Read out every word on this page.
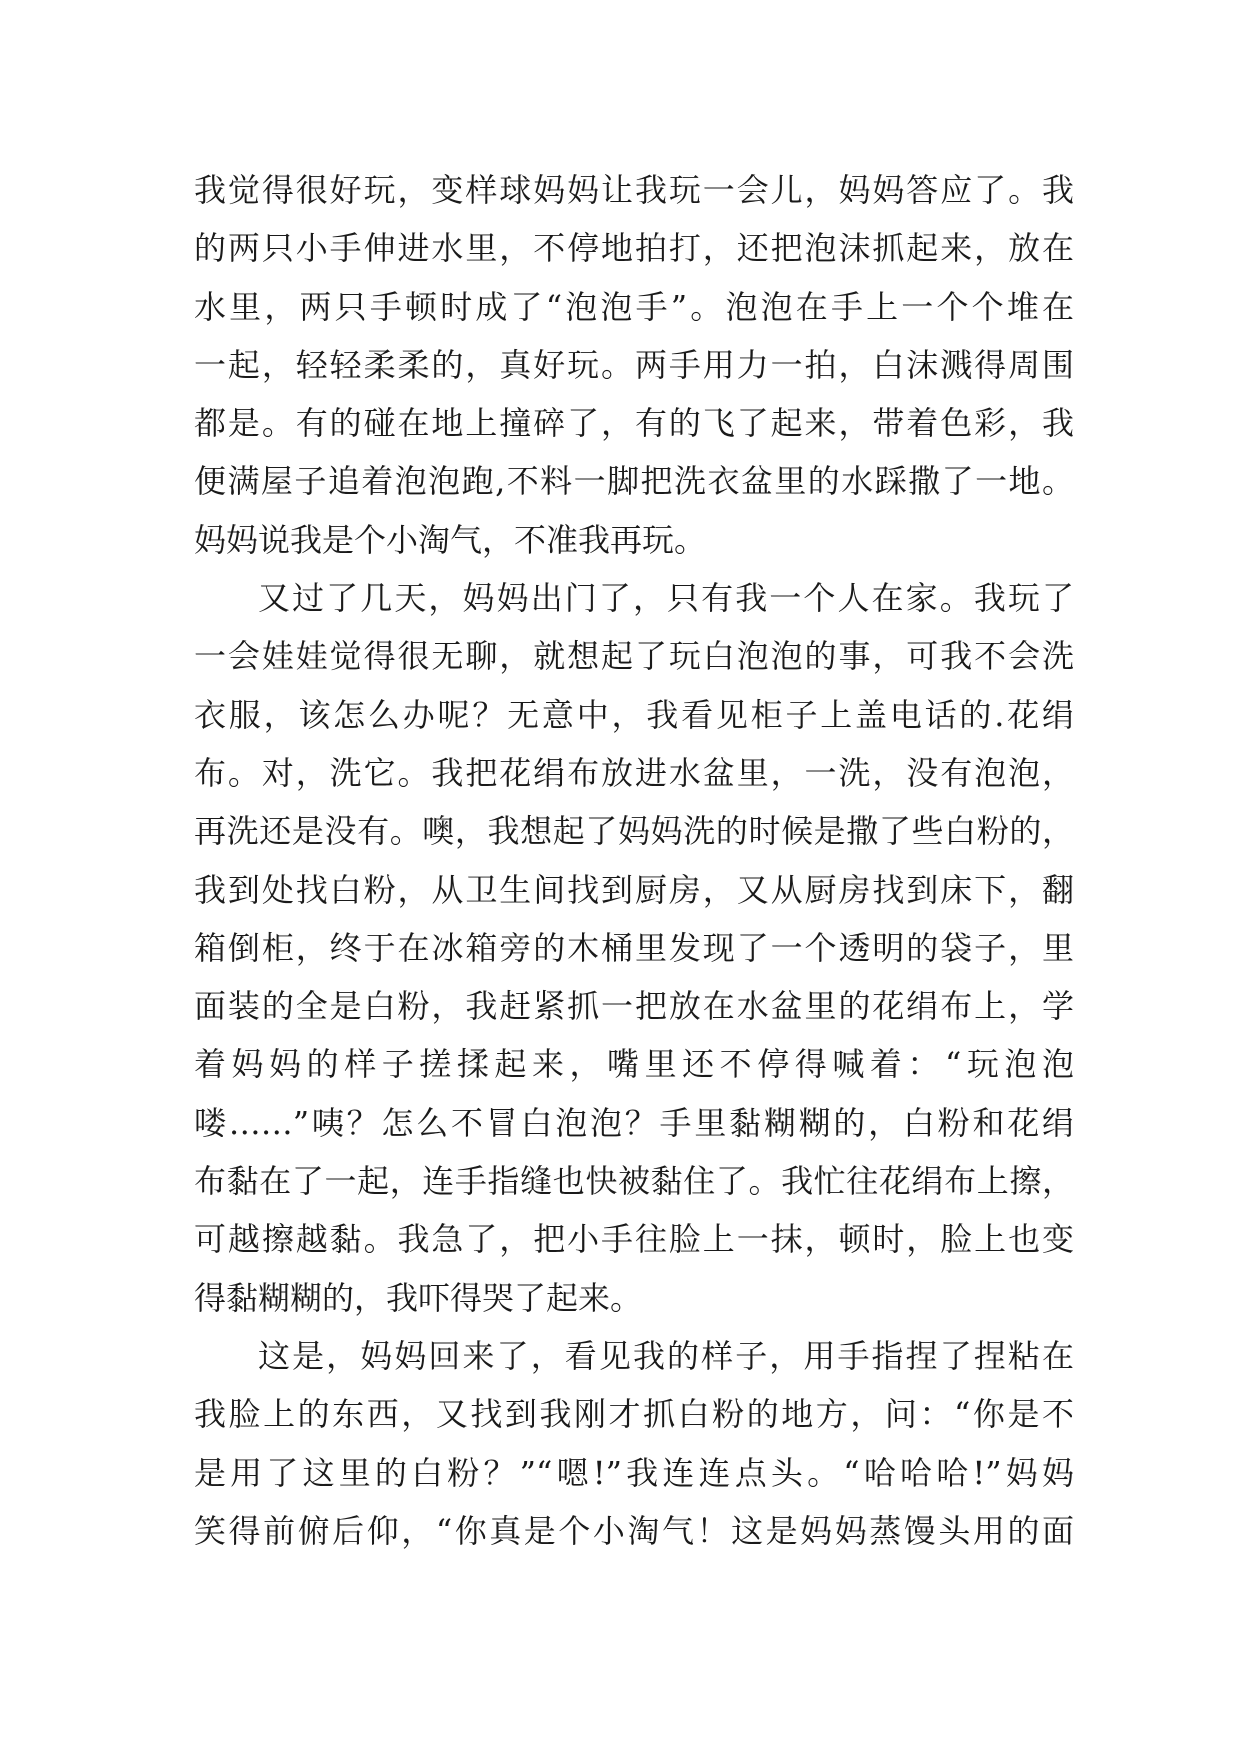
我觉得很好玩，变样球妈妈让我玩一会儿，妈妈答应了。我
的两只小手伸进水里，不停地拍打，还把泡沫抓起来，放在
水里，两只手顿时成了“泡泡手”。泡泡在手上一个个堆在
一起，轻轻柔柔的，真好玩。两手用力一拍，白沫溅得周围
都是。有的碰在地上撞碎了，有的飞了起来，带着色彩，我
便满屋子追着泡泡跑,不料一脚把洗衣盆里的水踩撒了一地。
妈妈说我是个小淘气，不准我再玩。
又过了几天，妈妈出门了，只有我一个人在家。我玩了
一会娃娃觉得很无聊，就想起了玩白泡泡的事，可我不会洗
衣服，该怎么办呢？无意中，我看见柜子上盖电话的.花绢
布。对，洗它。我把花绢布放进水盆里，一洗，没有泡泡，
再洗还是没有。噢，我想起了妈妈洗的时候是撒了些白粉的，
我到处找白粉，从卫生间找到厨房，又从厨房找到床下，翻
箱倒柜，终于在冰箱旁的木桶里发现了一个透明的袋子，里
面装的全是白粉，我赶紧抓一把放在水盆里的花绢布上，学
着妈妈的样子搓揉起来，嘴里还不停得喊着：“玩泡泡
喽……”咦？怎么不冒白泡泡？手里黏糊糊的，白粉和花绢
布黏在了一起，连手指缝也快被黏住了。我忙往花绢布上擦，
可越擦越黏。我急了，把小手往脸上一抹，顿时，脸上也变
得黏糊糊的，我吓得哭了起来。
这是，妈妈回来了，看见我的样子，用手指捏了捏粘在
我脸上的东西，又找到我刚才抓白粉的地方，问：“你是不
是用了这里的白粉？”“嗯!”我连连点头。“哈哈哈!”妈妈
笑得前俯后仰，“你真是个小淘气！这是妈妈蒸馒头用的面
